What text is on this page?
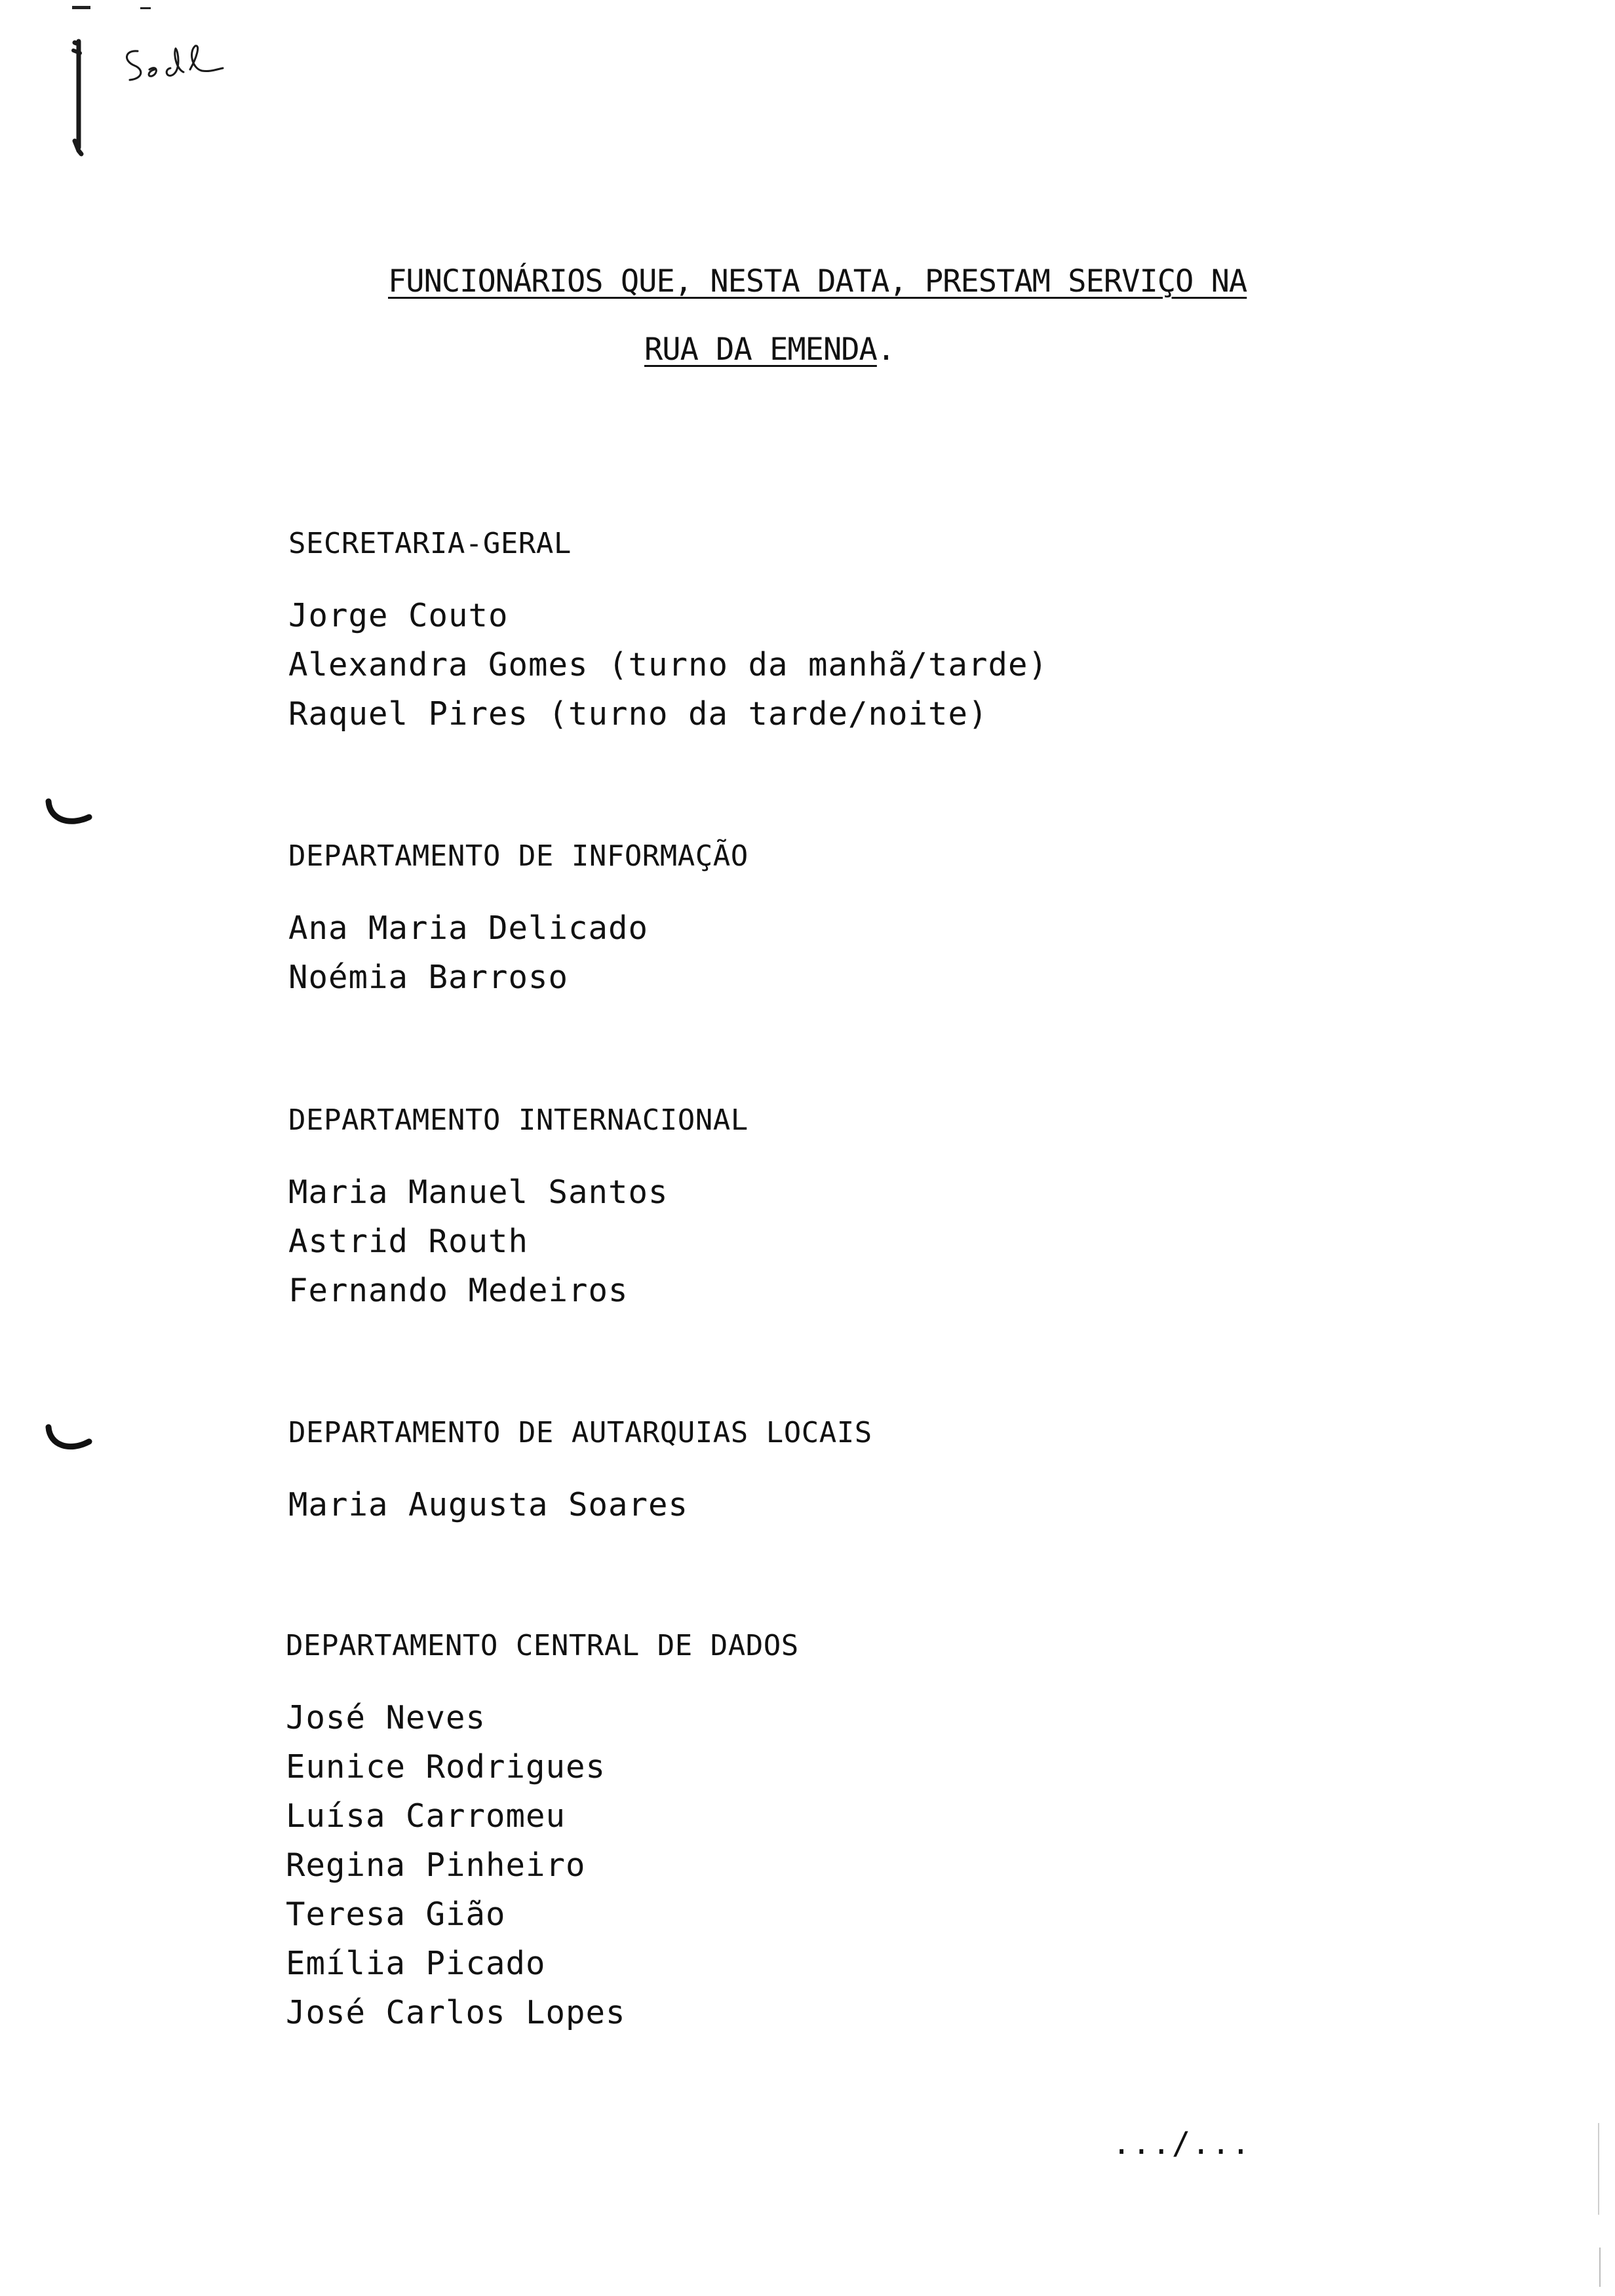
FUNCIONÁRIOS QUE, NESTA DATA, PRESTAM SERVIÇO NA
RUA DA EMENDA.
SECRETARIA-GERAL
Jorge Couto
Alexandra Gomes (turno da manhã/tarde)
Raquel Pires (turno da tarde/noite)
DEPARTAMENTO DE INFORMAÇÃO
Ana Maria Delicado
Noémia Barroso
DEPARTAMENTO INTERNACIONAL
Maria Manuel Santos
Astrid Routh
Fernando Medeiros
DEPARTAMENTO DE AUTARQUIAS LOCAIS
Maria Augusta Soares
DEPARTAMENTO CENTRAL DE DADOS
José Neves
Eunice Rodrigues
Luísa Carromeu
Regina Pinheiro
Teresa Gião
Emília Picado
José Carlos Lopes
.../...
